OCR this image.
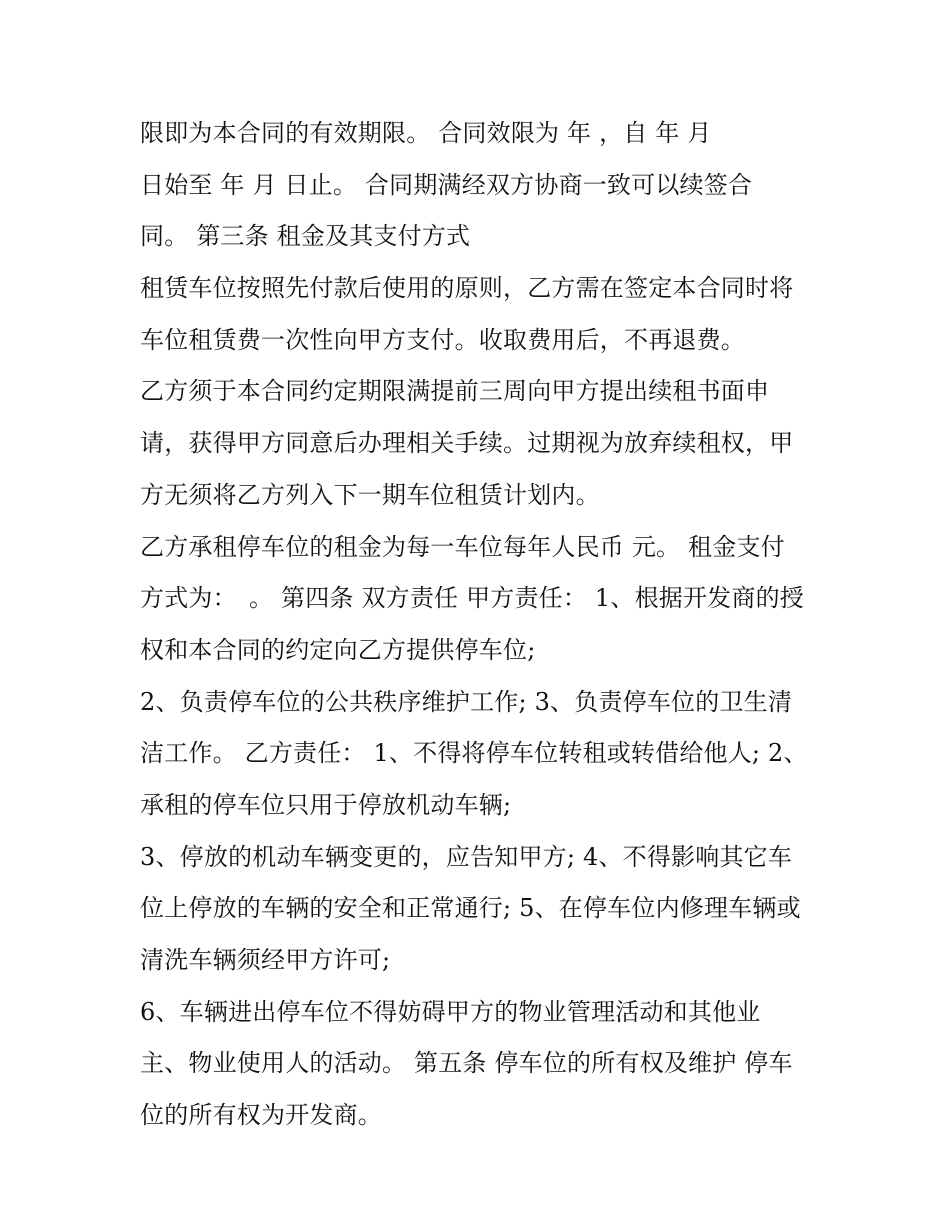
限即为本合同的有效期限。 合同效限为 年 ，自 年 月
日始至 年 月 日止。 合同期满经双方协商一致可以续签合
同。 第三条 租金及其支付方式
租赁车位按照先付款后使用的原则，乙方需在签定本合同时将
车位租赁费一次性向甲方支付。收取费用后，不再退费。
乙方须于本合同约定期限满提前三周向甲方提出续租书面申
请，获得甲方同意后办理相关手续。过期视为放弃续租权，甲
方无须将乙方列入下一期车位租赁计划内。
乙方承租停车位的租金为每一车位每年人民币 元。 租金支付
方式为：　。 第四条 双方责任 甲方责任： 1、根据开发商的授
权和本合同的约定向乙方提供停车位;
2、负责停车位的公共秩序维护工作; 3、负责停车位的卫生清
洁工作。 乙方责任： 1、不得将停车位转租或转借给他人; 2、
承租的停车位只用于停放机动车辆;
3、停放的机动车辆变更的，应告知甲方; 4、不得影响其它车
位上停放的车辆的安全和正常通行; 5、在停车位内修理车辆或
清洗车辆须经甲方许可;
6、车辆进出停车位不得妨碍甲方的物业管理活动和其他业
主、物业使用人的活动。 第五条 停车位的所有权及维护 停车
位的所有权为开发商。
